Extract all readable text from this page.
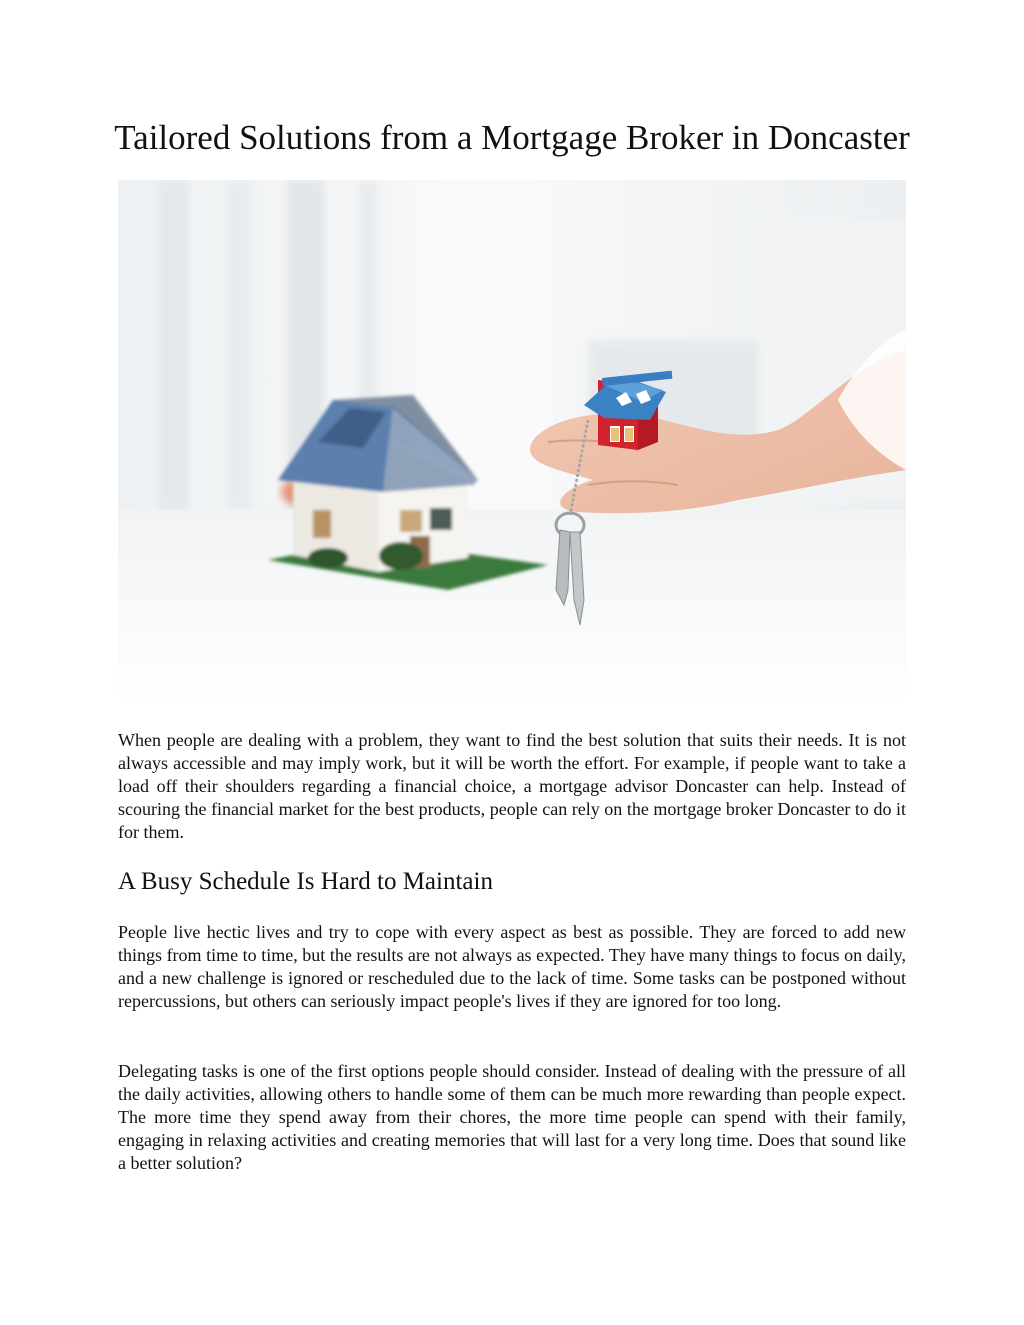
Tailored Solutions from a Mortgage Broker in Doncaster

When people are dealing with a problem, they want to find the best solution that suits their needs. It is not always accessible and may imply work, but it will be worth the effort. For example, if people want to take a load off their shoulders regarding a financial choice, a mortgage advisor Doncaster can help. Instead of scouring the financial market for the best products, people can rely on the mortgage broker Doncaster to do it for them.

A Busy Schedule Is Hard to Maintain

People live hectic lives and try to cope with every aspect as best as possible. They are forced to add new things from time to time, but the results are not always as expected. They have many things to focus on daily, and a new challenge is ignored or rescheduled due to the lack of time. Some tasks can be postponed without repercussions, but others can seriously impact people's lives if they are ignored for too long.

Delegating tasks is one of the first options people should consider. Instead of dealing with the pressure of all the daily activities, allowing others to handle some of them can be much more rewarding than people expect. The more time they spend away from their chores, the more time people can spend with their family, engaging in relaxing activities and creating memories that will last for a very long time. Does that sound like a better solution?
